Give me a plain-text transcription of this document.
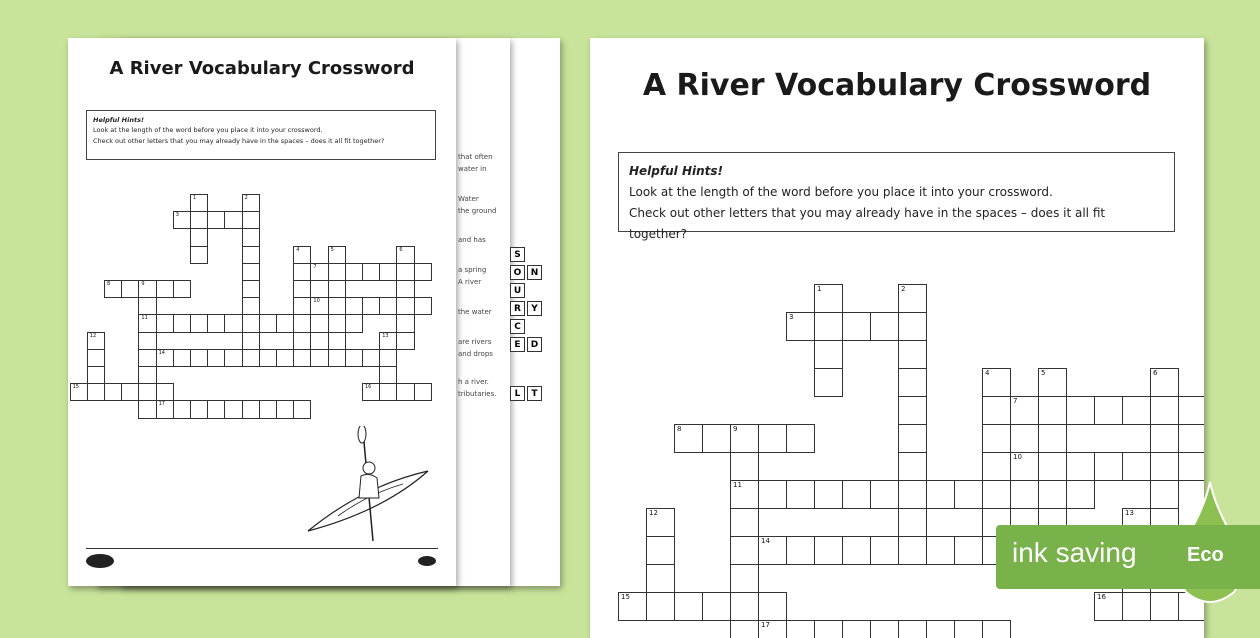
A River Vocabulary Crossword
Helpful Hints!
Look at the length of the word before you place it into your crossword.
Check out other letters that you may already have in the spaces – does it all fit together?
1	2
3
4	5	6
7
8	9
10
11
12	13
14
15	16
17
that often
water in
Water
the ground
and has
a spring
A river
the water
are rivers
and drops
h a river.
tributaries.
S
O	N
U
R	Y
C
E	D
L	T
A River Vocabulary Crossword
Helpful Hints!
Look at the length of the word before you place it into your crossword.
Check out other letters that you may already have in the spaces – does it all fit together?
1	2
3
4	5	6
7
8	9
10
11
12	13
14
15	16
17
ink saving	Eco
